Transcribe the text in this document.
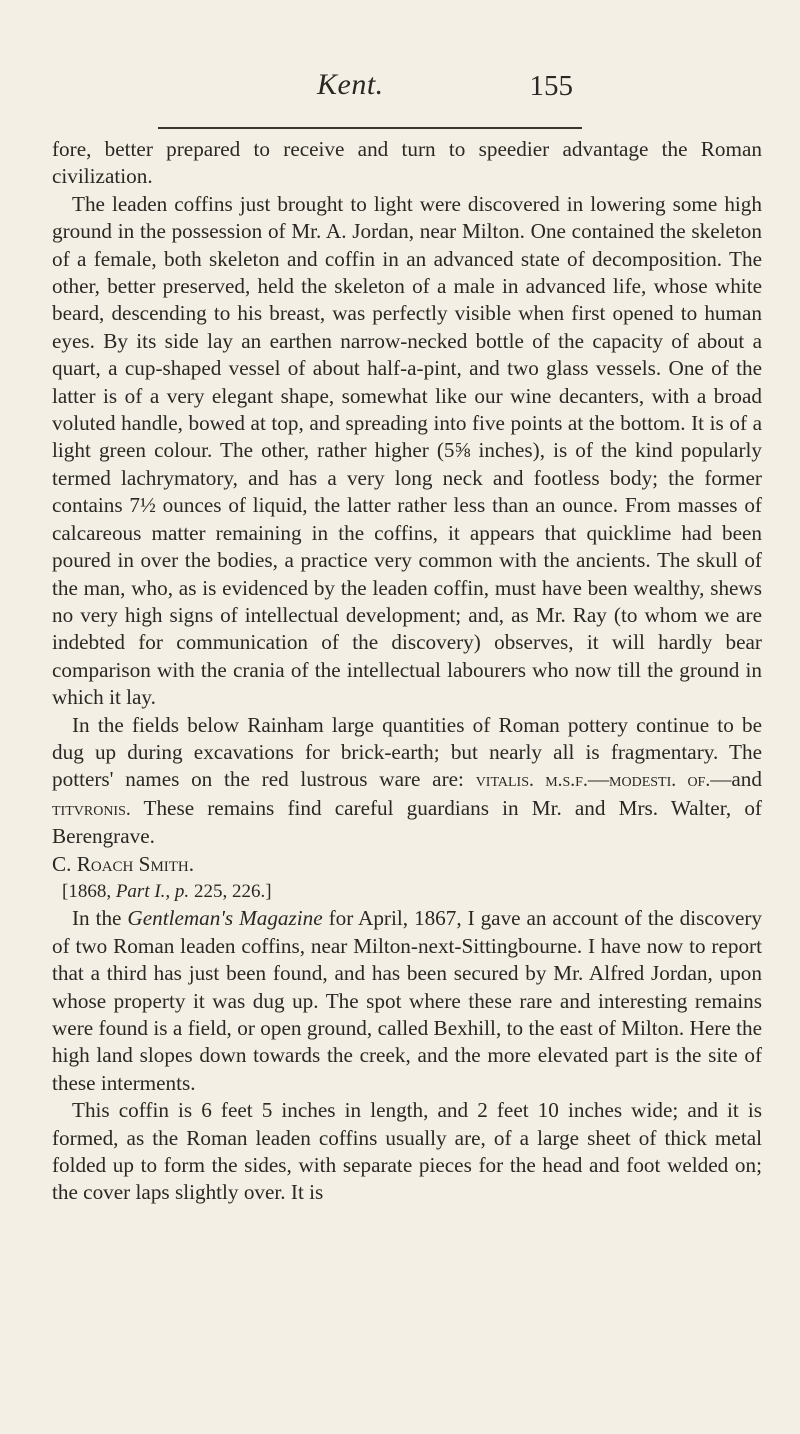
Kent.	155

fore, better prepared to receive and turn to speedier advantage the Roman civilization.

The leaden coffins just brought to light were discovered in lowering some high ground in the possession of Mr. A. Jordan, near Milton. One contained the skeleton of a female, both skeleton and coffin in an advanced state of decomposition. The other, better preserved, held the skeleton of a male in advanced life, whose white beard, descending to his breast, was perfectly visible when first opened to human eyes. By its side lay an earthen narrow-necked bottle of the capacity of about a quart, a cup-shaped vessel of about half-a-pint, and two glass vessels. One of the latter is of a very elegant shape, somewhat like our wine decanters, with a broad voluted handle, bowed at top, and spreading into five points at the bottom. It is of a light green colour. The other, rather higher (5⅝ inches), is of the kind popularly termed lachrymatory, and has a very long neck and footless body; the former contains 7½ ounces of liquid, the latter rather less than an ounce. From masses of calcareous matter remaining in the coffins, it appears that quicklime had been poured in over the bodies, a practice very common with the ancients. The skull of the man, who, as is evidenced by the leaden coffin, must have been wealthy, shews no very high signs of intellectual development; and, as Mr. Ray (to whom we are indebted for communication of the discovery) observes, it will hardly bear comparison with the crania of the intellectual labourers who now till the ground in which it lay.

In the fields below Rainham large quantities of Roman pottery continue to be dug up during excavations for brick-earth; but nearly all is fragmentary. The potters' names on the red lustrous ware are: vitalis. m.s.f.—modesti. of.—and titvronis. These remains find careful guardians in Mr. and Mrs. Walter, of Berengrave.

C. Roach Smith.

[1868, Part I., p. 225, 226.]

In the Gentleman's Magazine for April, 1867, I gave an account of the discovery of two Roman leaden coffins, near Milton-next-Sittingbourne. I have now to report that a third has just been found, and has been secured by Mr. Alfred Jordan, upon whose property it was dug up. The spot where these rare and interesting remains were found is a field, or open ground, called Bexhill, to the east of Milton. Here the high land slopes down towards the creek, and the more elevated part is the site of these interments.

This coffin is 6 feet 5 inches in length, and 2 feet 10 inches wide; and it is formed, as the Roman leaden coffins usually are, of a large sheet of thick metal folded up to form the sides, with separate pieces for the head and foot welded on; the cover laps slightly over. It is
